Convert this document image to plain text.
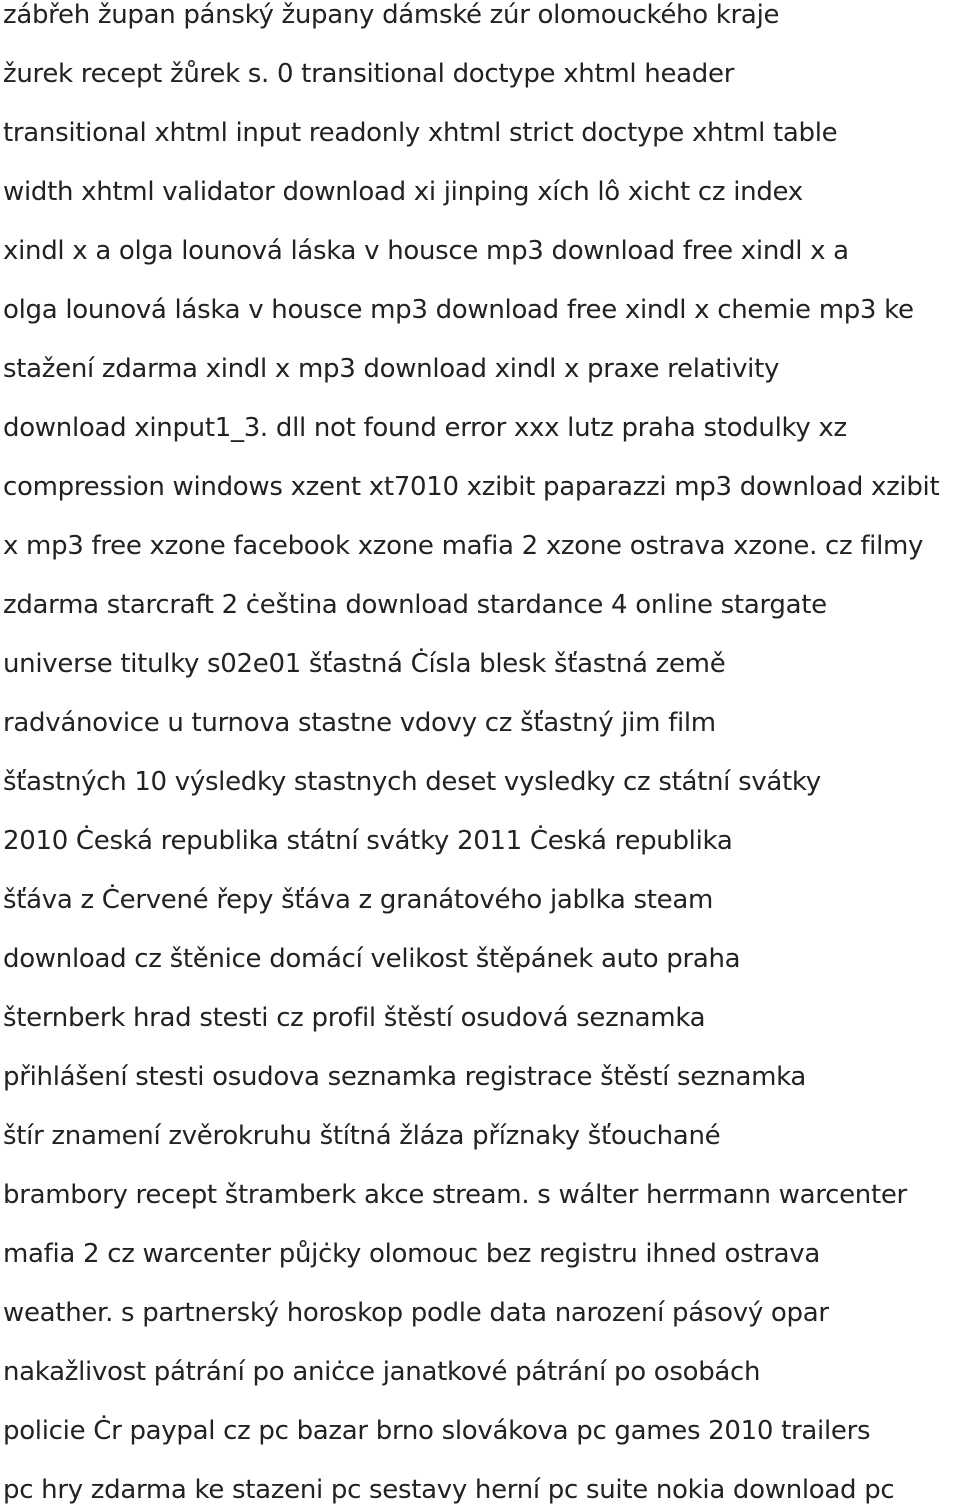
zábřeh župan pánský župany dámské zúr olomouckého kraje
žurek recept žůrek s. 0 transitional doctype xhtml header
transitional xhtml input readonly xhtml strict doctype xhtml table
width xhtml validator download xi jinping xích lô xicht cz index
xindl x a olga lounová láska v housce mp3 download free xindl x a
olga lounová láska v housce mp3 download free xindl x chemie mp3 ke
stažení zdarma xindl x mp3 download xindl x praxe relativity
download xinput1_3. dll not found error xxx lutz praha stodulky xz
compression windows xzent xt7010 xzibit paparazzi mp3 download xzibit
x mp3 free xzone facebook xzone mafia 2 xzone ostrava xzone. cz filmy
zdarma starcraft 2 ċeština download stardance 4 online stargate
universe titulky s02e01 šťastná Ċísla blesk šťastná země
radvánovice u turnova stastne vdovy cz šťastný jim film
šťastných 10 výsledky stastnych deset vysledky cz státní svátky
2010 Ċeská republika státní svátky 2011 Ċeská republika
šťáva z Ċervené řepy šťáva z granátového jablka steam
download cz štěnice domácí velikost štěpánek auto praha
šternberk hrad stesti cz profil štěstí osudová seznamka
přihlášení stesti osudova seznamka registrace štěstí seznamka
štír znamení zvěrokruhu štítná žláza příznaky šťouchané
brambory recept štramberk akce stream. s wálter herrmann warcenter
mafia 2 cz warcenter půjċky olomouc bez registru ihned ostrava
weather. s partnerský horoskop podle data narození pásový opar
nakažlivost pátrání po aniċce janatkové pátrání po osobách
policie Ċr paypal cz pc bazar brno slovákova pc games 2010 trailers
pc hry zdarma ke stazeni pc sestavy herní pc suite nokia download pc
